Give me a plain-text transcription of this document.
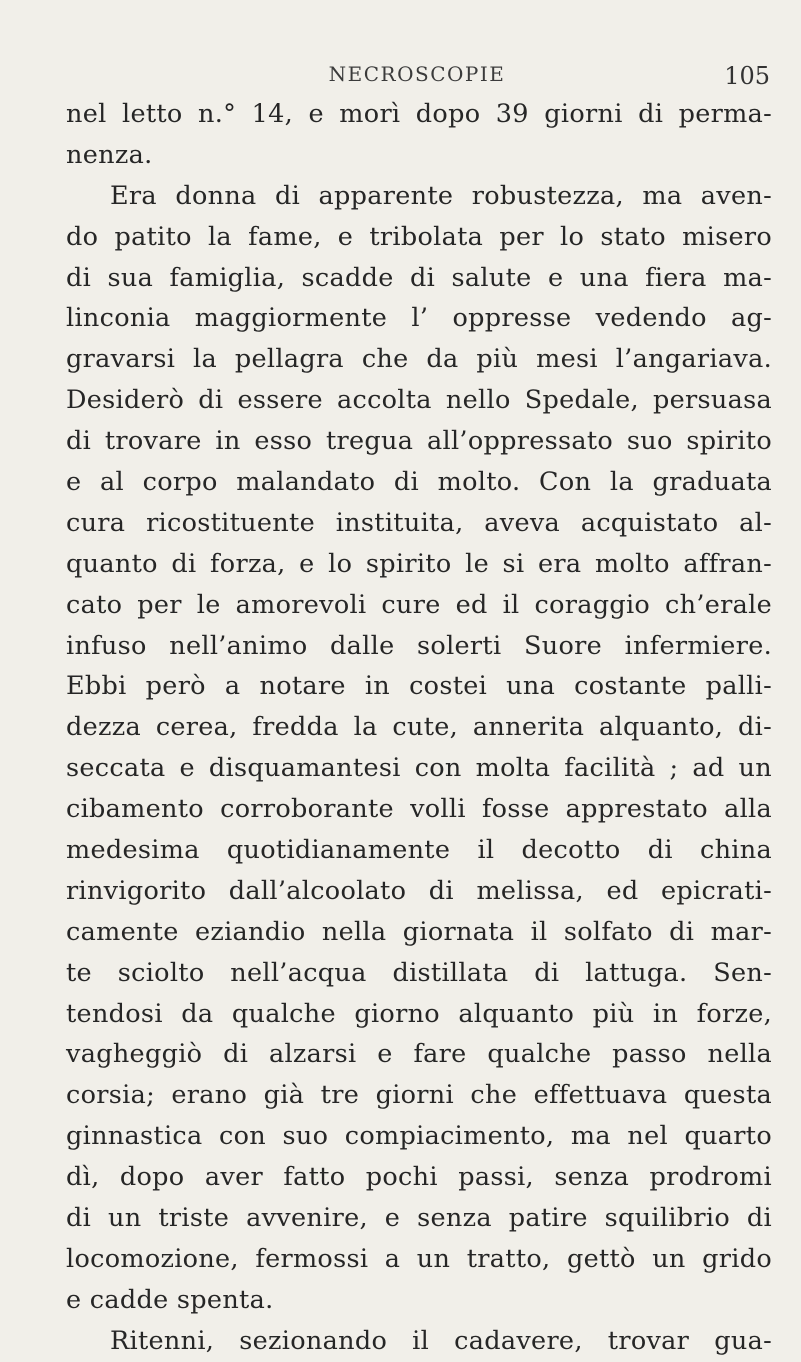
NECROSCOPIE	105
nel letto n.° 14, e morì dopo 39 giorni di perma-
nenza.
Era donna di apparente robustezza, ma aven-
do patito la fame, e tribolata per lo stato misero
di sua famiglia, scadde di salute e una fiera ma-
linconia maggiormente l’ oppresse vedendo ag-
gravarsi la pellagra che da più mesi l’angariava.
Desiderò di essere accolta nello Spedale, persuasa
di trovare in esso tregua all’oppressato suo spirito
e al corpo malandato di molto. Con la graduata
cura ricostituente instituita, aveva acquistato al-
quanto di forza, e lo spirito le si era molto affran-
cato per le amorevoli cure ed il coraggio ch’erale
infuso nell’animo dalle solerti Suore infermiere.
Ebbi però a notare in costei una costante palli-
dezza cerea, fredda la cute, annerita alquanto, di-
seccata e disquamantesi con molta facilità ; ad un
cibamento corroborante volli fosse apprestato alla
medesima quotidianamente il decotto di china
rinvigorito dall’alcoolato di melissa, ed epicrati-
camente eziandio nella giornata il solfato di mar-
te sciolto nell’acqua distillata di lattuga. Sen-
tendosi da qualche giorno alquanto più in forze,
vagheggiò di alzarsi e fare qualche passo nella
corsia; erano già tre giorni che effettuava questa
ginnastica con suo compiacimento, ma nel quarto
dì, dopo aver fatto pochi passi, senza prodromi
di un triste avvenire, e senza patire squilibrio di
locomozione, fermossi a un tratto, gettò un grido
e cadde spenta.
Ritenni, sezionando il cadavere, trovar gua-
